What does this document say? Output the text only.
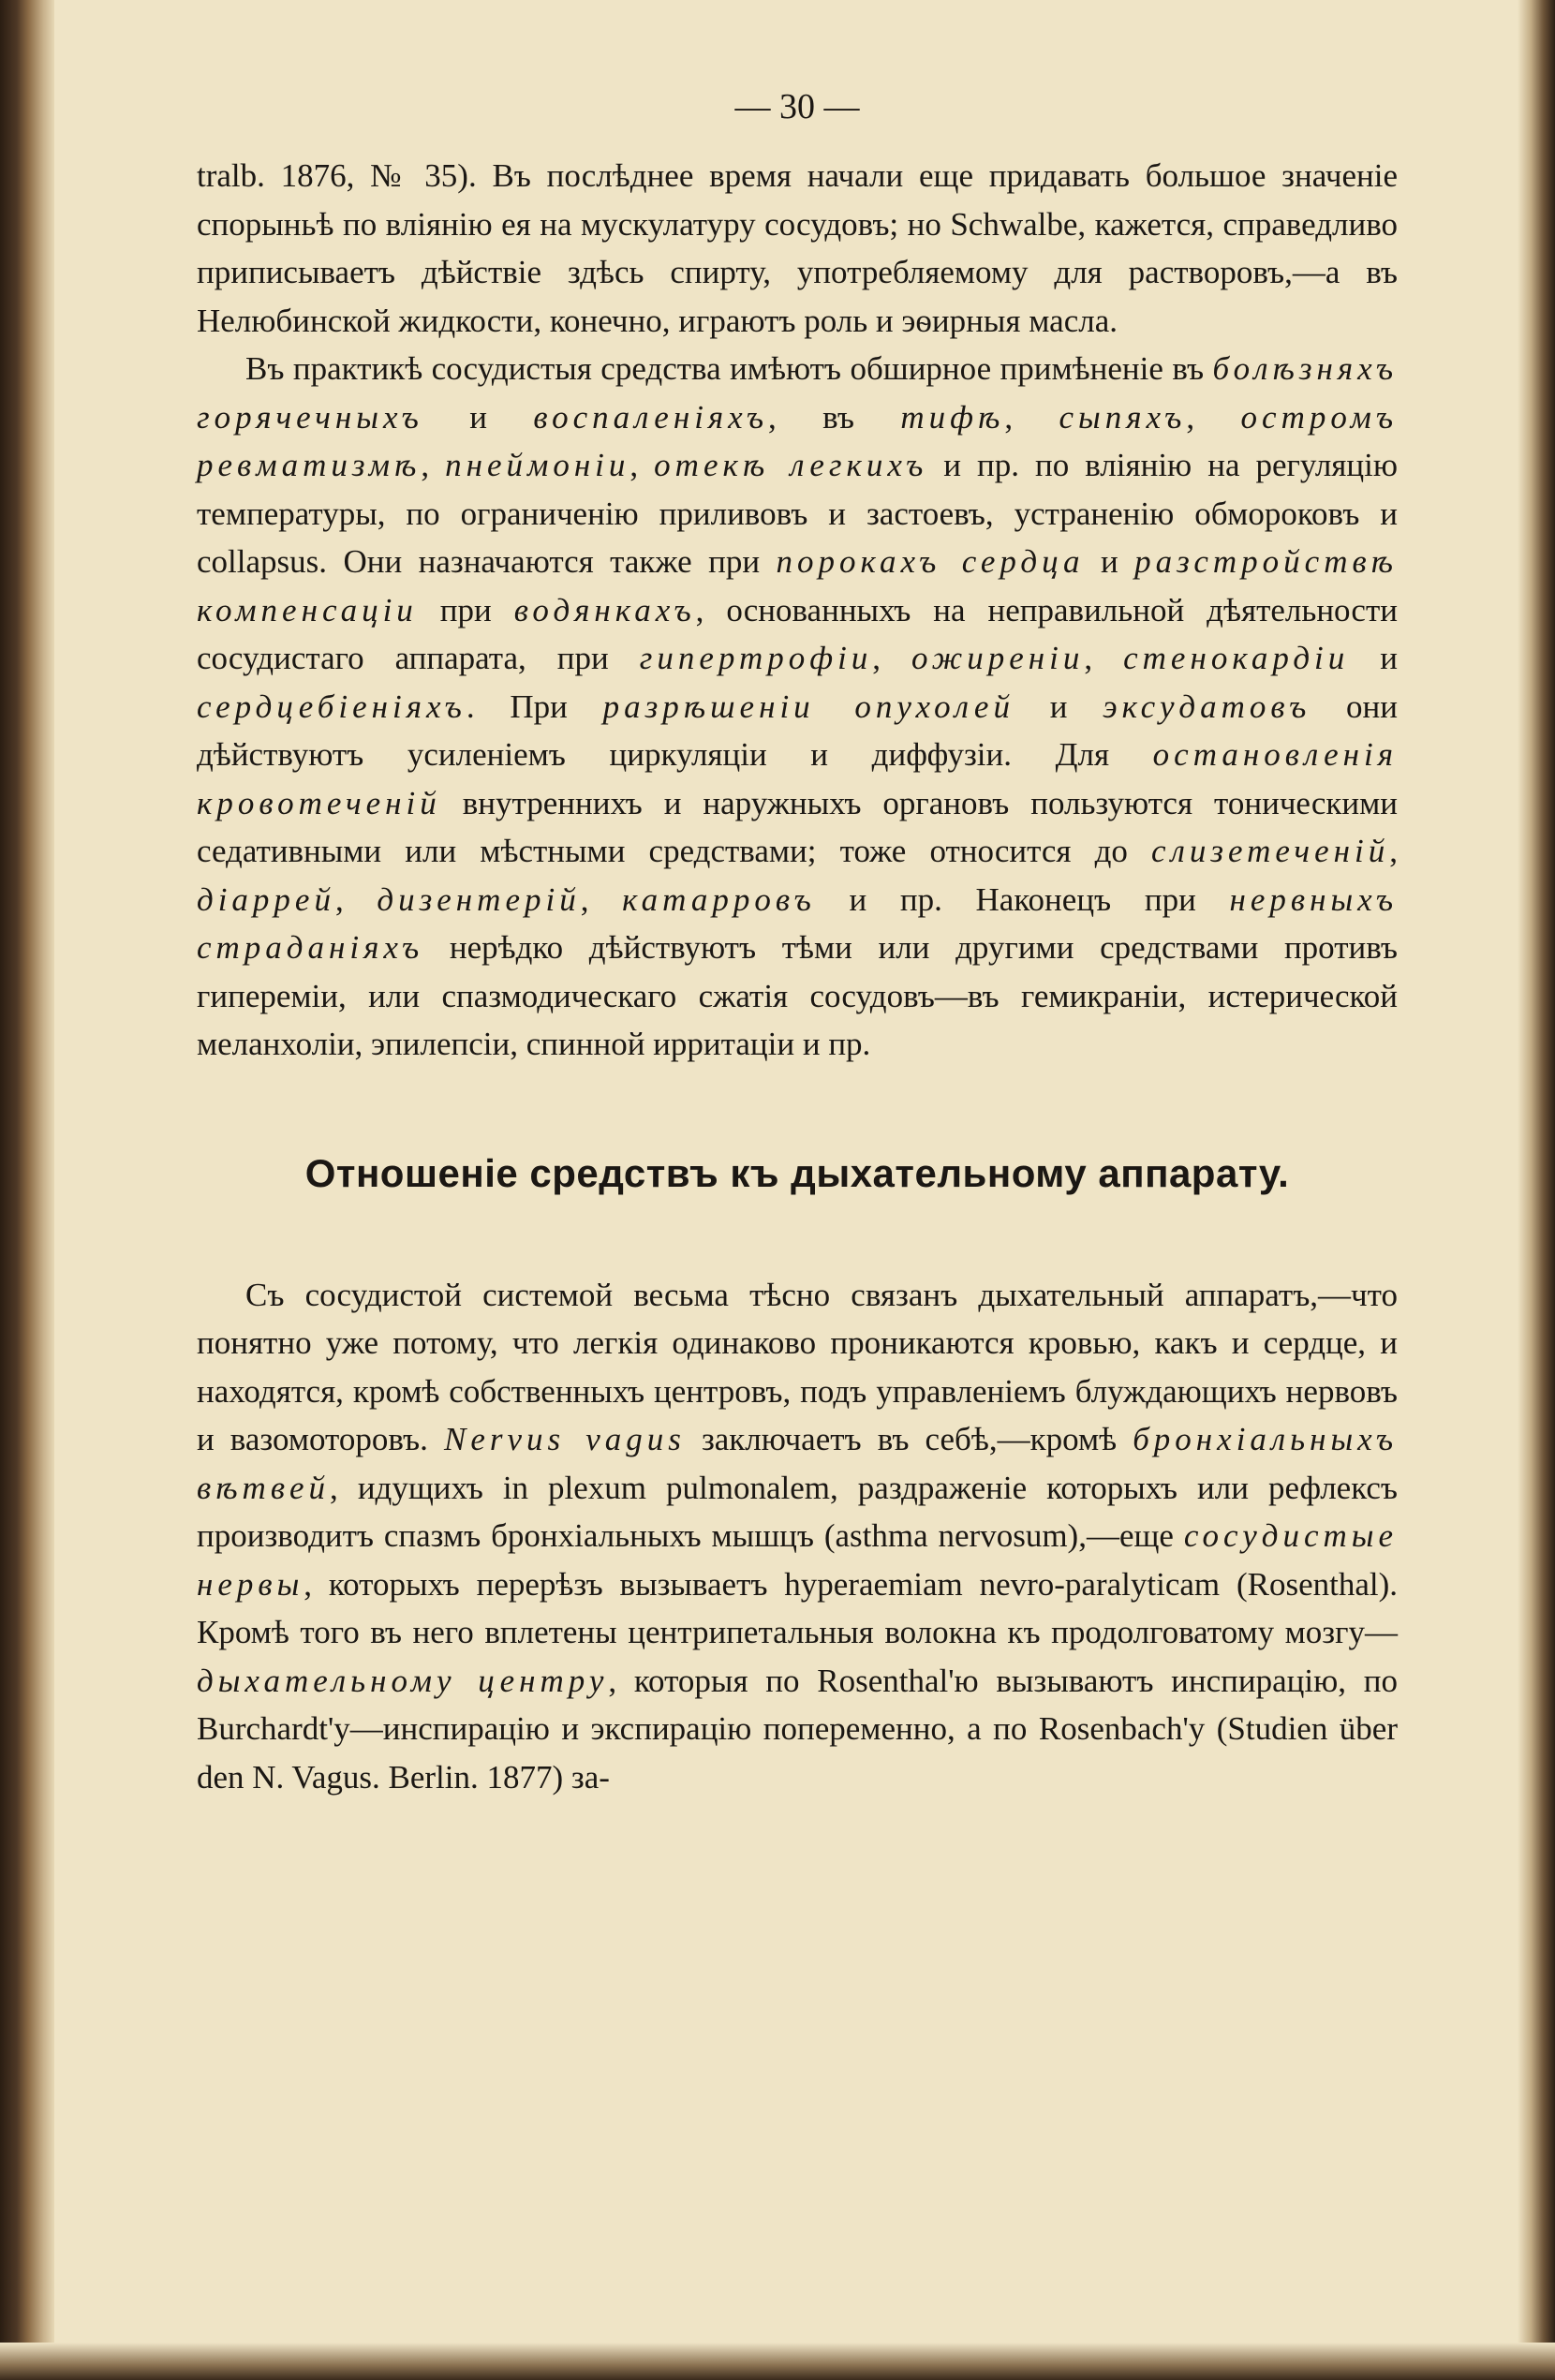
— 30 —

tralb. 1876, № 35). Въ послѣднее время начали еще придавать большое значеніе спорыньѣ по вліянію ея на мускулатуру сосудовъ; но Schwalbe, кажется, справедливо приписываетъ дѣйствіе здѣсь спирту, употребляемому для растворовъ,—а въ Нелюбинской жидкости, конечно, играютъ роль и эѳирныя масла.

Въ практикѣ сосудистыя средства имѣютъ обширное примѣненіе въ болѣзняхъ горячечныхъ и воспаленіяхъ, въ тифѣ, сыпяхъ, остромъ ревматизмѣ, пнеймоніи, отекѣ легкихъ и пр. по вліянію на регуляцію температуры, по ограниченію приливовъ и застоевъ, устраненію обмороковъ и collapsus. Они назначаются также при порокахъ сердца и разстройствѣ компенсаціи при водянкахъ, основанныхъ на неправильной дѣятельности сосудистаго аппарата, при гипертрофіи, ожиреніи, стенокардіи и сердцебіеніяхъ. При разрѣшеніи опухолей и эксудатовъ они дѣйствуютъ усиленіемъ циркуляціи и диффузіи. Для остановленія кровотеченій внутреннихъ и наружныхъ органовъ пользуются тоническими седативными или мѣстными средствами; тоже относится до слизетеченій, діаррей, дизентерій, катарровъ и пр. Наконецъ при нервныхъ страданіяхъ нерѣдко дѣйствуютъ тѣми или другими средствами противъ гипереміи, или спазмодическаго сжатія сосудовъ—въ гемикраніи, истерической меланхоліи, эпилепсіи, спинной ирритаціи и пр.

Отношеніе средствъ къ дыхательному аппарату.

Съ сосудистой системой весьма тѣсно связанъ дыхательный аппаратъ,—что понятно уже потому, что легкія одинаково проникаются кровью, какъ и сердце, и находятся, кромѣ собственныхъ центровъ, подъ управленіемъ блуждающихъ нервовъ и вазомоторовъ. Nervus vagus заключаетъ въ себѣ,—кромѣ бронхіальныхъ вѣтвей, идущихъ in plexum pulmonalem, раздраженіе которыхъ или рефлексъ производитъ спазмъ бронхіальныхъ мышцъ (asthma nervosum),—еще сосудистые нервы, которыхъ перерѣзъ вызываетъ hyperaemiam nevro-paralyticam (Rosenthal). Кромѣ того въ него вплетены центрипетальныя волокна къ продолговатому мозгу—дыхательному центру, которыя по Rosenthal'ю вызываютъ инспирацію, по Burchardt'у—инспирацію и экспирацію попеременно, а по Rosenbach'у (Studien über den N. Vagus. Berlin. 1877) за-
